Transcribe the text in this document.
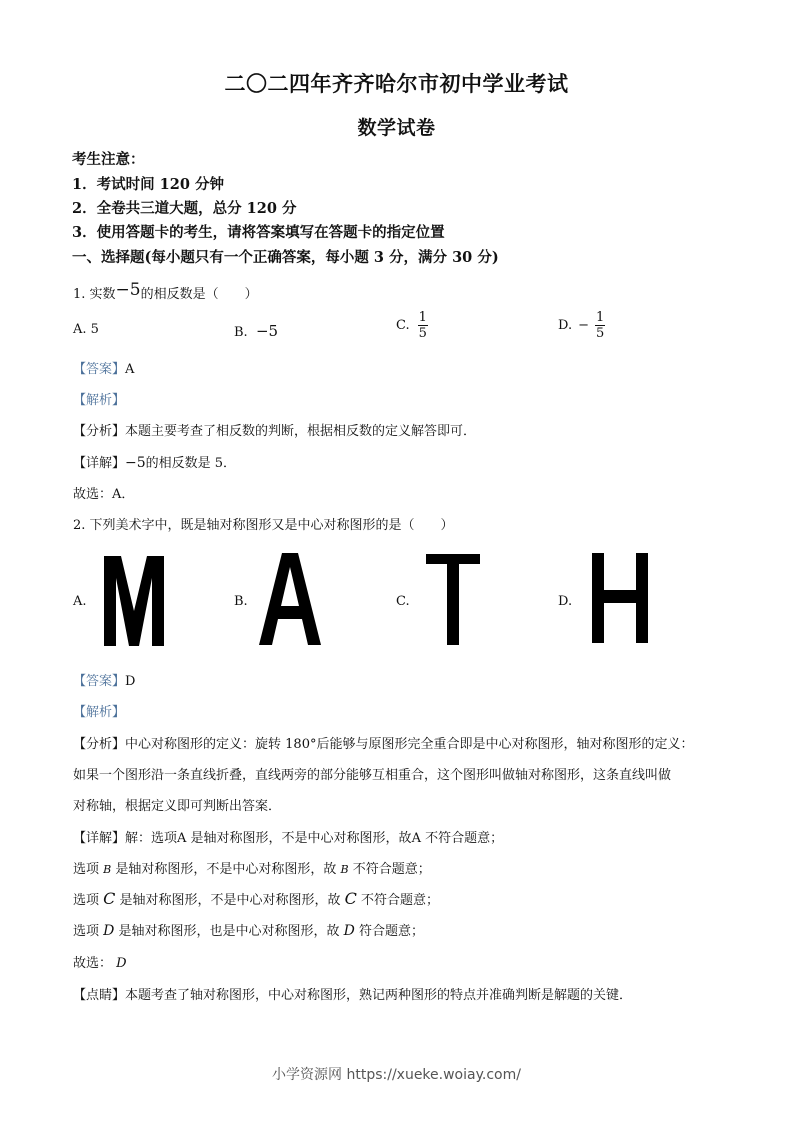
二〇二四年齐齐哈尔市初中学业考试
数学试卷
考生注意：
1．考试时间 120 分钟
2．全卷共三道大题，总分 120 分
3．使用答题卡的考生，请将答案填写在答题卡的指定位置
一、选择题(每小题只有一个正确答案，每小题 3 分，满分 30 分)
1. 实数−5的相反数是（　　）
A. 5	B. −5	C. $\frac{1}{5}$	D. − $\frac{1}{5}$
【答案】A
【解析】
【分析】本题主要考查了相反数的判断，根据相反数的定义解答即可．
【详解】−5的相反数是 5．
故选：A．
2. 下列美术字中，既是轴对称图形又是中心对称图形的是（　　）
A.	B.	C.	D.
【答案】D
【解析】
【分析】中心对称图形的定义：旋转 180°后能够与原图形完全重合即是中心对称图形，轴对称图形的定义：
如果一个图形沿一条直线折叠，直线两旁的部分能够互相重合，这个图形叫做轴对称图形，这条直线叫做
对称轴，根据定义即可判断出答案．
【详解】解：选项A 是轴对称图形，不是中心对称图形，故A 不符合题意；
选项 B 是轴对称图形，不是中心对称图形，故 B 不符合题意；
选项 C 是轴对称图形，不是中心对称图形，故 C 不符合题意；
选项 D 是轴对称图形，也是中心对称图形，故 D 符合题意；
故选： D
【点睛】本题考查了轴对称图形，中心对称图形，熟记两种图形的特点并准确判断是解题的关键．
小学资源网 https://xueke.woiay.com/
